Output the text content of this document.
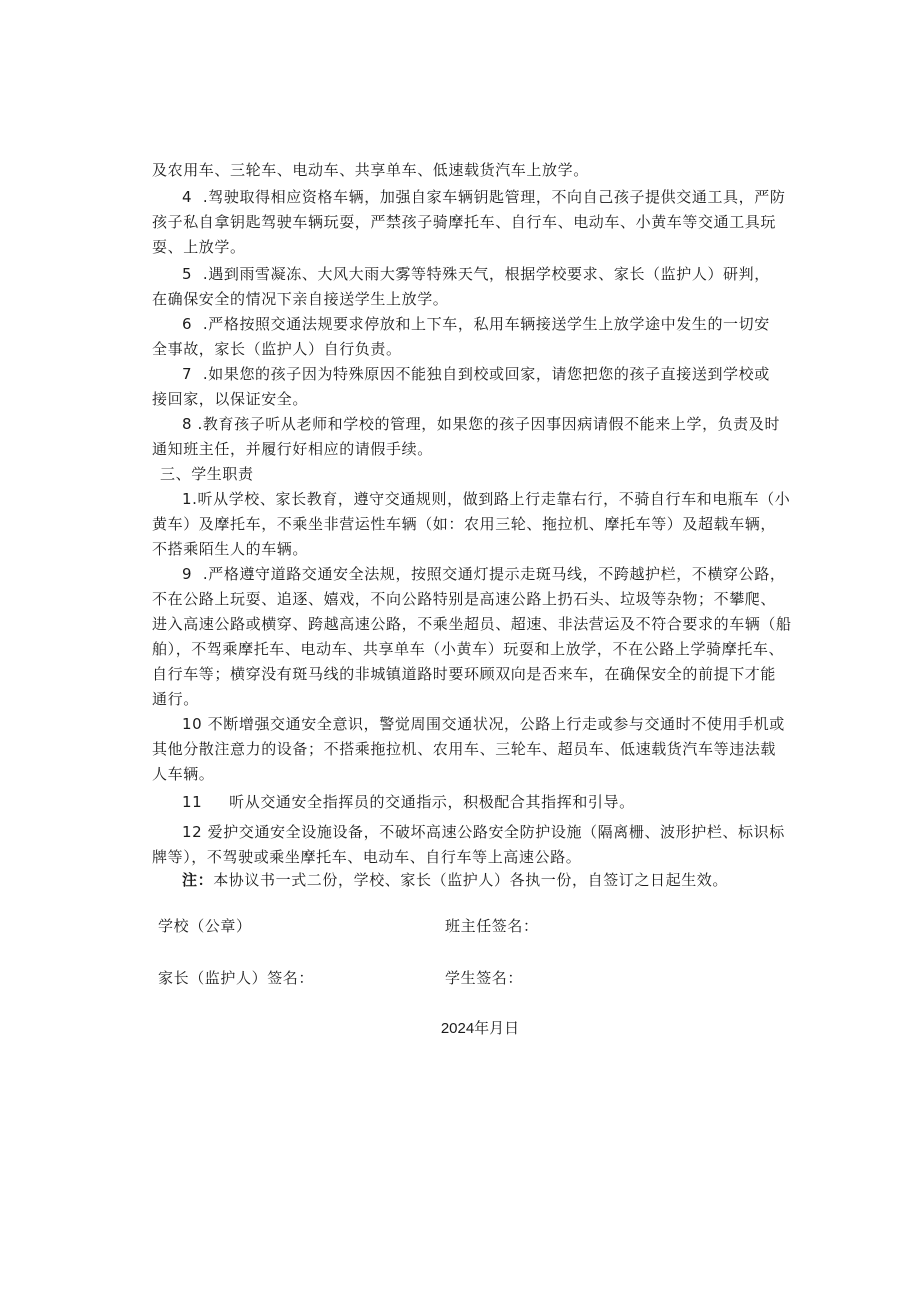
及农用车、三轮车、电动车、共享单车、低速载货汽车上放学。
4  .驾驶取得相应资格车辆，加强自家车辆钥匙管理，不向自己孩子提供交通工具，严防
孩子私自拿钥匙驾驶车辆玩耍，严禁孩子骑摩托车、自行车、电动车、小黄车等交通工具玩
耍、上放学。
5  .遇到雨雪凝冻、大风大雨大雾等特殊天气，根据学校要求、家长（监护人）研判，
在确保安全的情况下亲自接送学生上放学。
6  .严格按照交通法规要求停放和上下车，私用车辆接送学生上放学途中发生的一切安
全事故，家长（监护人）自行负责。
7  .如果您的孩子因为特殊原因不能独自到校或回家，请您把您的孩子直接送到学校或
接回家，以保证安全。
8 .教育孩子听从老师和学校的管理，如果您的孩子因事因病请假不能来上学，负责及时
通知班主任，并履行好相应的请假手续。
三、学生职责
1.听从学校、家长教育，遵守交通规则，做到路上行走靠右行，不骑自行车和电瓶车（小
黄车）及摩托车，不乘坐非营运性车辆（如：农用三轮、拖拉机、摩托车等）及超载车辆，
不搭乘陌生人的车辆。
9  .严格遵守道路交通安全法规，按照交通灯提示走斑马线，不跨越护栏，不横穿公路，
不在公路上玩耍、追逐、嬉戏，不向公路特别是高速公路上扔石头、垃圾等杂物；不攀爬、
进入高速公路或横穿、跨越高速公路，不乘坐超员、超速、非法营运及不符合要求的车辆（船
舶），不驾乘摩托车、电动车、共享单车（小黄车）玩耍和上放学，不在公路上学骑摩托车、
自行车等；横穿没有斑马线的非城镇道路时要环顾双向是否来车，在确保安全的前提下才能
通行。
10 不断增强交通安全意识，警觉周围交通状况，公路上行走或参与交通时不使用手机或
其他分散注意力的设备；不搭乘拖拉机、农用车、三轮车、超员车、低速载货汽车等违法载
人车辆。
11     听从交通安全指挥员的交通指示，积极配合其指挥和引导。
12 爱护交通安全设施设备，不破坏高速公路安全防护设施（隔离栅、波形护栏、标识标
牌等），不驾驶或乘坐摩托车、电动车、自行车等上高速公路。
注：本协议书一式二份，学校、家长（监护人）各执一份，自签订之日起生效。
学校（公章）	班主任签名：
家长（监护人）签名：	学生签名：
2024年月日
